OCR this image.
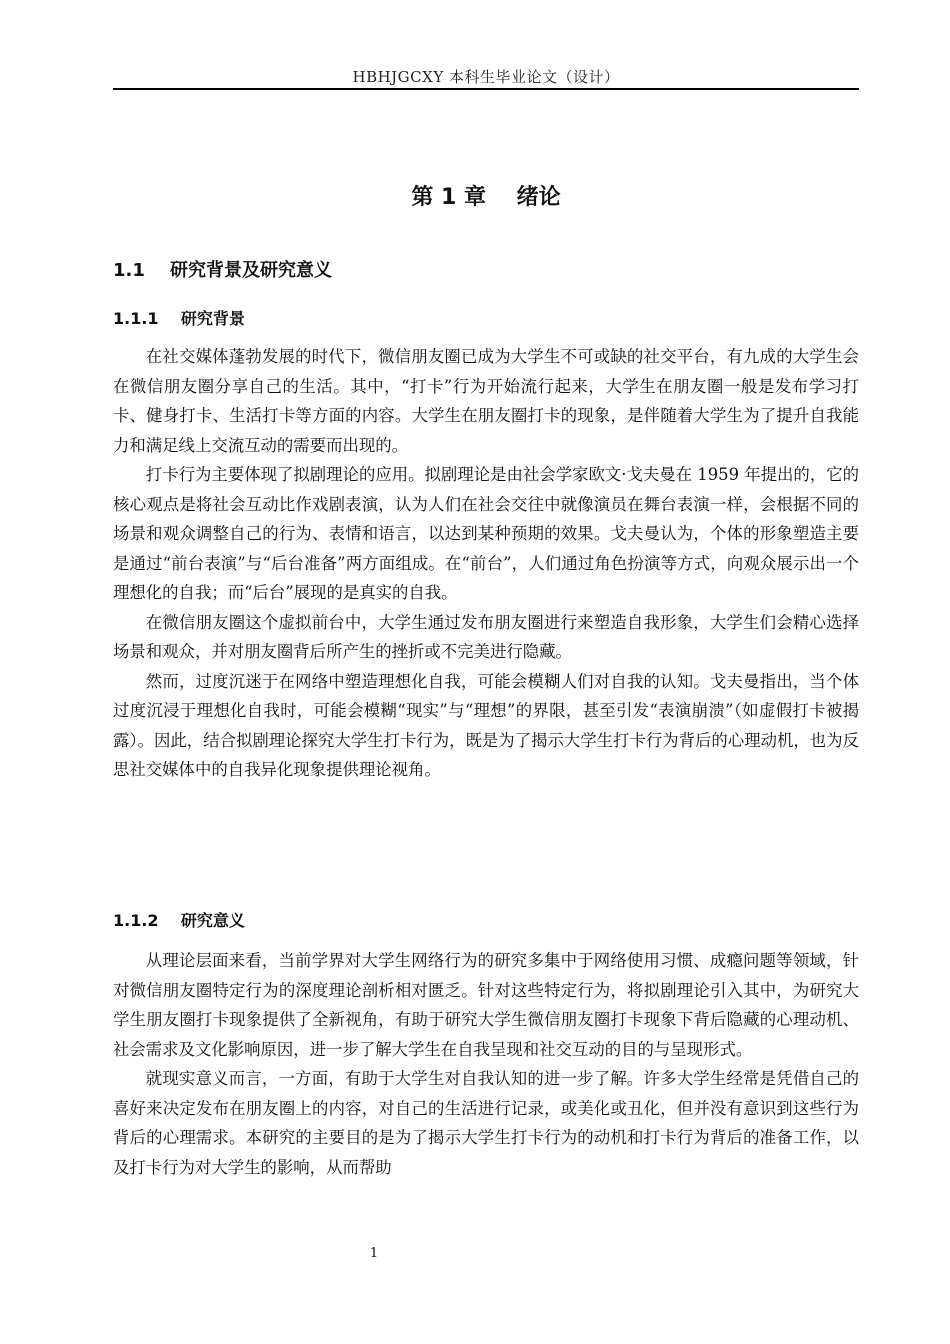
HBHJGCXY 本科生毕业论文（设计）
第 1 章    绪论
1.1    研究背景及研究意义
1.1.1    研究背景

在社交媒体蓬勃发展的时代下，微信朋友圈已成为大学生不可或缺的社交平台，有九成的大学生会在微信朋友圈分享自己的生活。其中，“打卡”行为开始流行起来，大学生在朋友圈一般是发布学习打卡、健身打卡、生活打卡等方面的内容。大学生在朋友圈打卡的现象，是伴随着大学生为了提升自我能力和满足线上交流互动的需要而出现的。

打卡行为主要体现了拟剧理论的应用。拟剧理论是由社会学家欧文·戈夫曼在 1959 年提出的，它的核心观点是将社会互动比作戏剧表演，认为人们在社会交往中就像演员在舞台表演一样，会根据不同的场景和观众调整自己的行为、表情和语言，以达到某种预期的效果。戈夫曼认为，个体的形象塑造主要是通过“前台表演”与“后台准备”两方面组成。在“前台”，人们通过角色扮演等方式，向观众展示出一个理想化的自我；而“后台”展现的是真实的自我。

在微信朋友圈这个虚拟前台中，大学生通过发布朋友圈进行来塑造自我形象，大学生们会精心选择场景和观众，并对朋友圈背后所产生的挫折或不完美进行隐藏。

然而，过度沉迷于在网络中塑造理想化自我，可能会模糊人们对自我的认知。戈夫曼指出，当个体过度沉浸于理想化自我时，可能会模糊“现实”与“理想”的界限，甚至引发“表演崩溃”（如虚假打卡被揭露）。因此，结合拟剧理论探究大学生打卡行为，既是为了揭示大学生打卡行为背后的心理动机，也为反思社交媒体中的自我异化现象提供理论视角。

1.1.2    研究意义

从理论层面来看，当前学界对大学生网络行为的研究多集中于网络使用习惯、成瘾问题等领域，针对微信朋友圈特定行为的深度理论剖析相对匮乏。针对这些特定行为，将拟剧理论引入其中，为研究大学生朋友圈打卡现象提供了全新视角，有助于研究大学生微信朋友圈打卡现象下背后隐藏的心理动机、社会需求及文化影响原因，进一步了解大学生在自我呈现和社交互动的目的与呈现形式。

就现实意义而言，一方面，有助于大学生对自我认知的进一步了解。许多大学生经常是凭借自己的喜好来决定发布在朋友圈上的内容，对自己的生活进行记录，或美化或丑化，但并没有意识到这些行为背后的心理需求。本研究的主要目的是为了揭示大学生打卡行为的动机和打卡行为背后的准备工作，以及打卡行为对大学生的影响，从而帮助

1
